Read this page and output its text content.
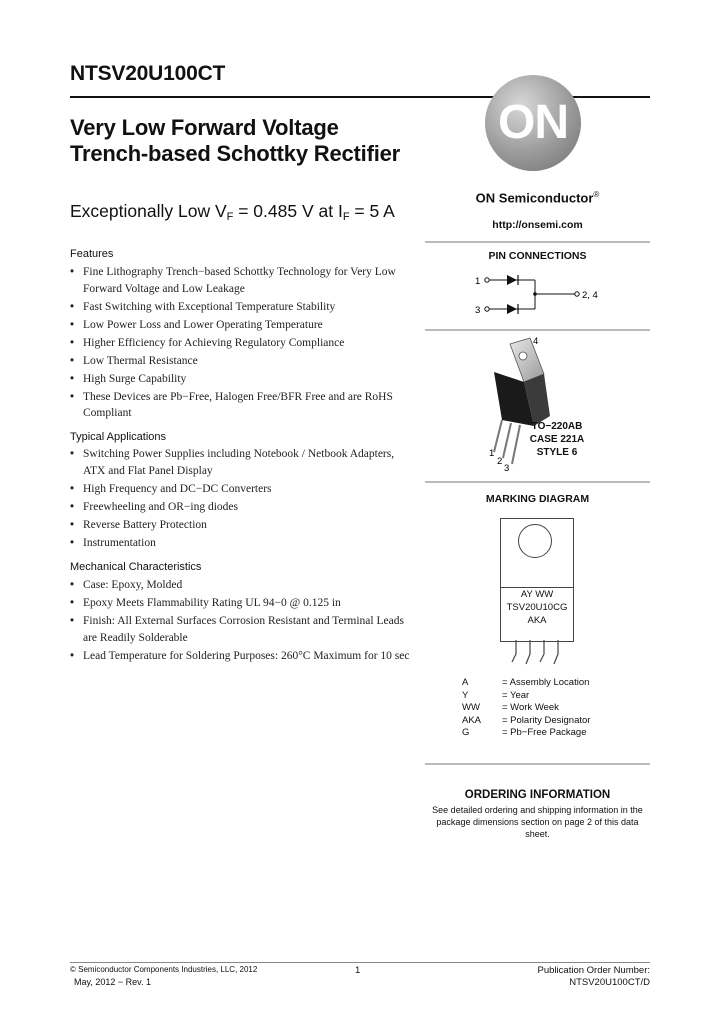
NTSV20U100CT
Very Low Forward Voltage Trench-based Schottky Rectifier
Exceptionally Low $V_F = 0.485$ V at $I_F = 5$ A
Features
• Fine Lithography Trench−based Schottky Technology for Very Low Forward Voltage and Low Leakage
• Fast Switching with Exceptional Temperature Stability
• Low Power Loss and Lower Operating Temperature
• Higher Efficiency for Achieving Regulatory Compliance
• Low Thermal Resistance
• High Surge Capability
• These Devices are Pb−Free, Halogen Free/BFR Free and are RoHS Compliant
Typical Applications
• Switching Power Supplies including Notebook / Netbook Adapters, ATX and Flat Panel Display
• High Frequency and DC−DC Converters
• Freewheeling and OR−ing diodes
• Reverse Battery Protection
• Instrumentation
Mechanical Characteristics
• Case: Epoxy, Molded
• Epoxy Meets Flammability Rating UL 94−0 @ 0.125 in
• Finish: All External Surfaces Corrosion Resistant and Terminal Leads are Readily Solderable
• Lead Temperature for Soldering Purposes: 260°C Maximum for 10 sec
ON
ON Semiconductor®
http://onsemi.com
PIN CONNECTIONS
1
3
2, 4
4
1
2
3
TO−220AB
CASE 221A
STYLE 6
MARKING DIAGRAM
AY WW
TSV20U10CG
AKA
A	= Assembly Location
Y	= Year
WW	= Work Week
AKA	= Polarity Designator
G	= Pb−Free Package
ORDERING INFORMATION
See detailed ordering and shipping information in the package dimensions section on page 2 of this data sheet.
© Semiconductor Components Industries, LLC, 2012
May, 2012 − Rev. 1
1	Publication Order Number:
NTSV20U100CT/D
